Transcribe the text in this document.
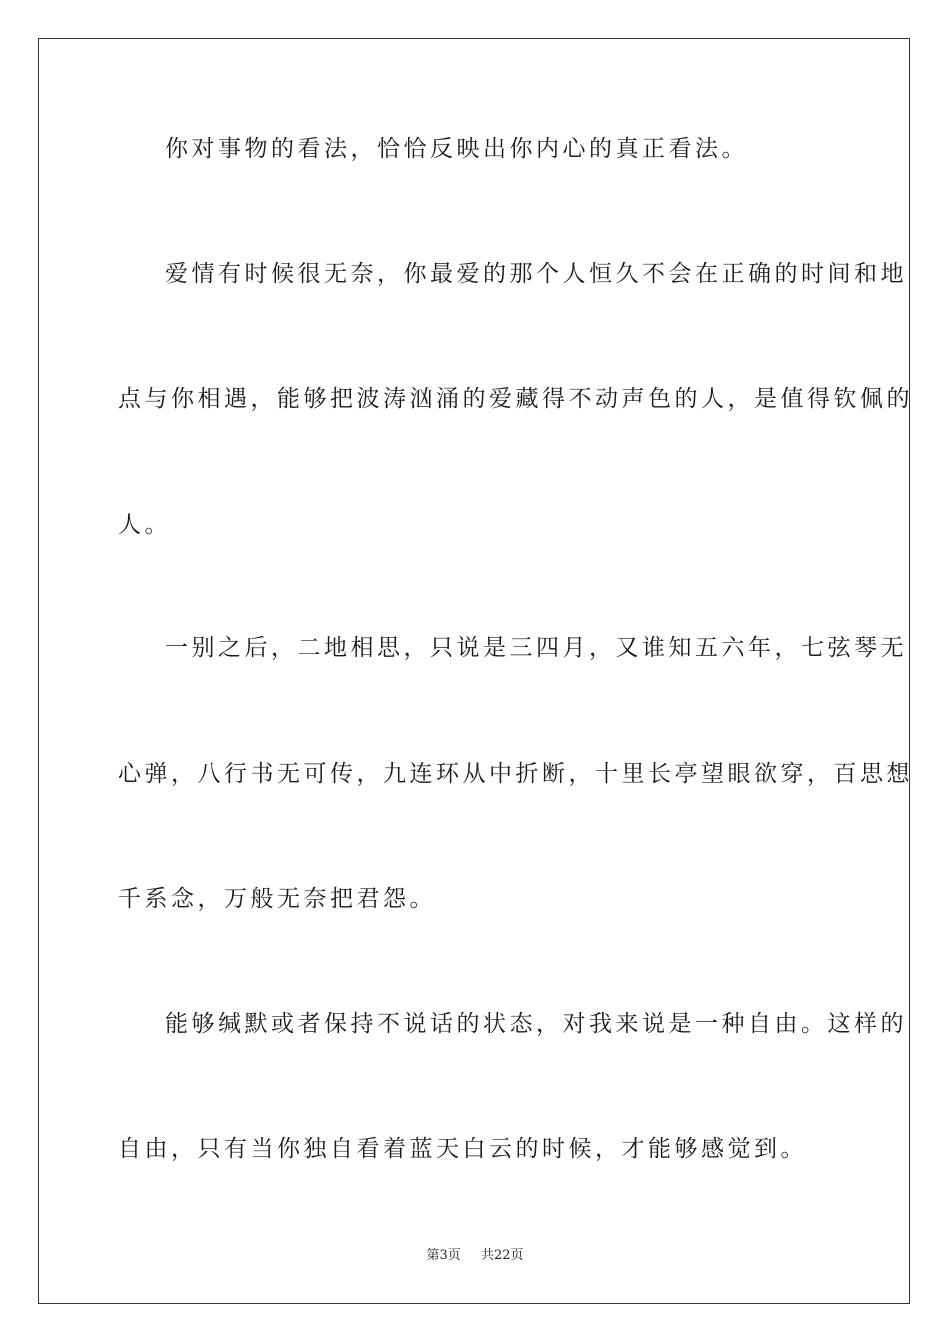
你对事物的看法，恰恰反映出你内心的真正看法。
爱情有时候很无奈，你最爱的那个人恒久不会在正确的时间和地
点与你相遇，能够把波涛汹涌的爱藏得不动声色的人，是值得钦佩的
人。
一别之后，二地相思，只说是三四月，又谁知五六年，七弦琴无
心弹，八行书无可传，九连环从中折断，十里长亭望眼欲穿，百思想
千系念，万般无奈把君怨。
能够缄默或者保持不说话的状态，对我来说是一种自由。这样的
自由，只有当你独自看着蓝天白云的时候，才能够感觉到。
第3页 共22页
